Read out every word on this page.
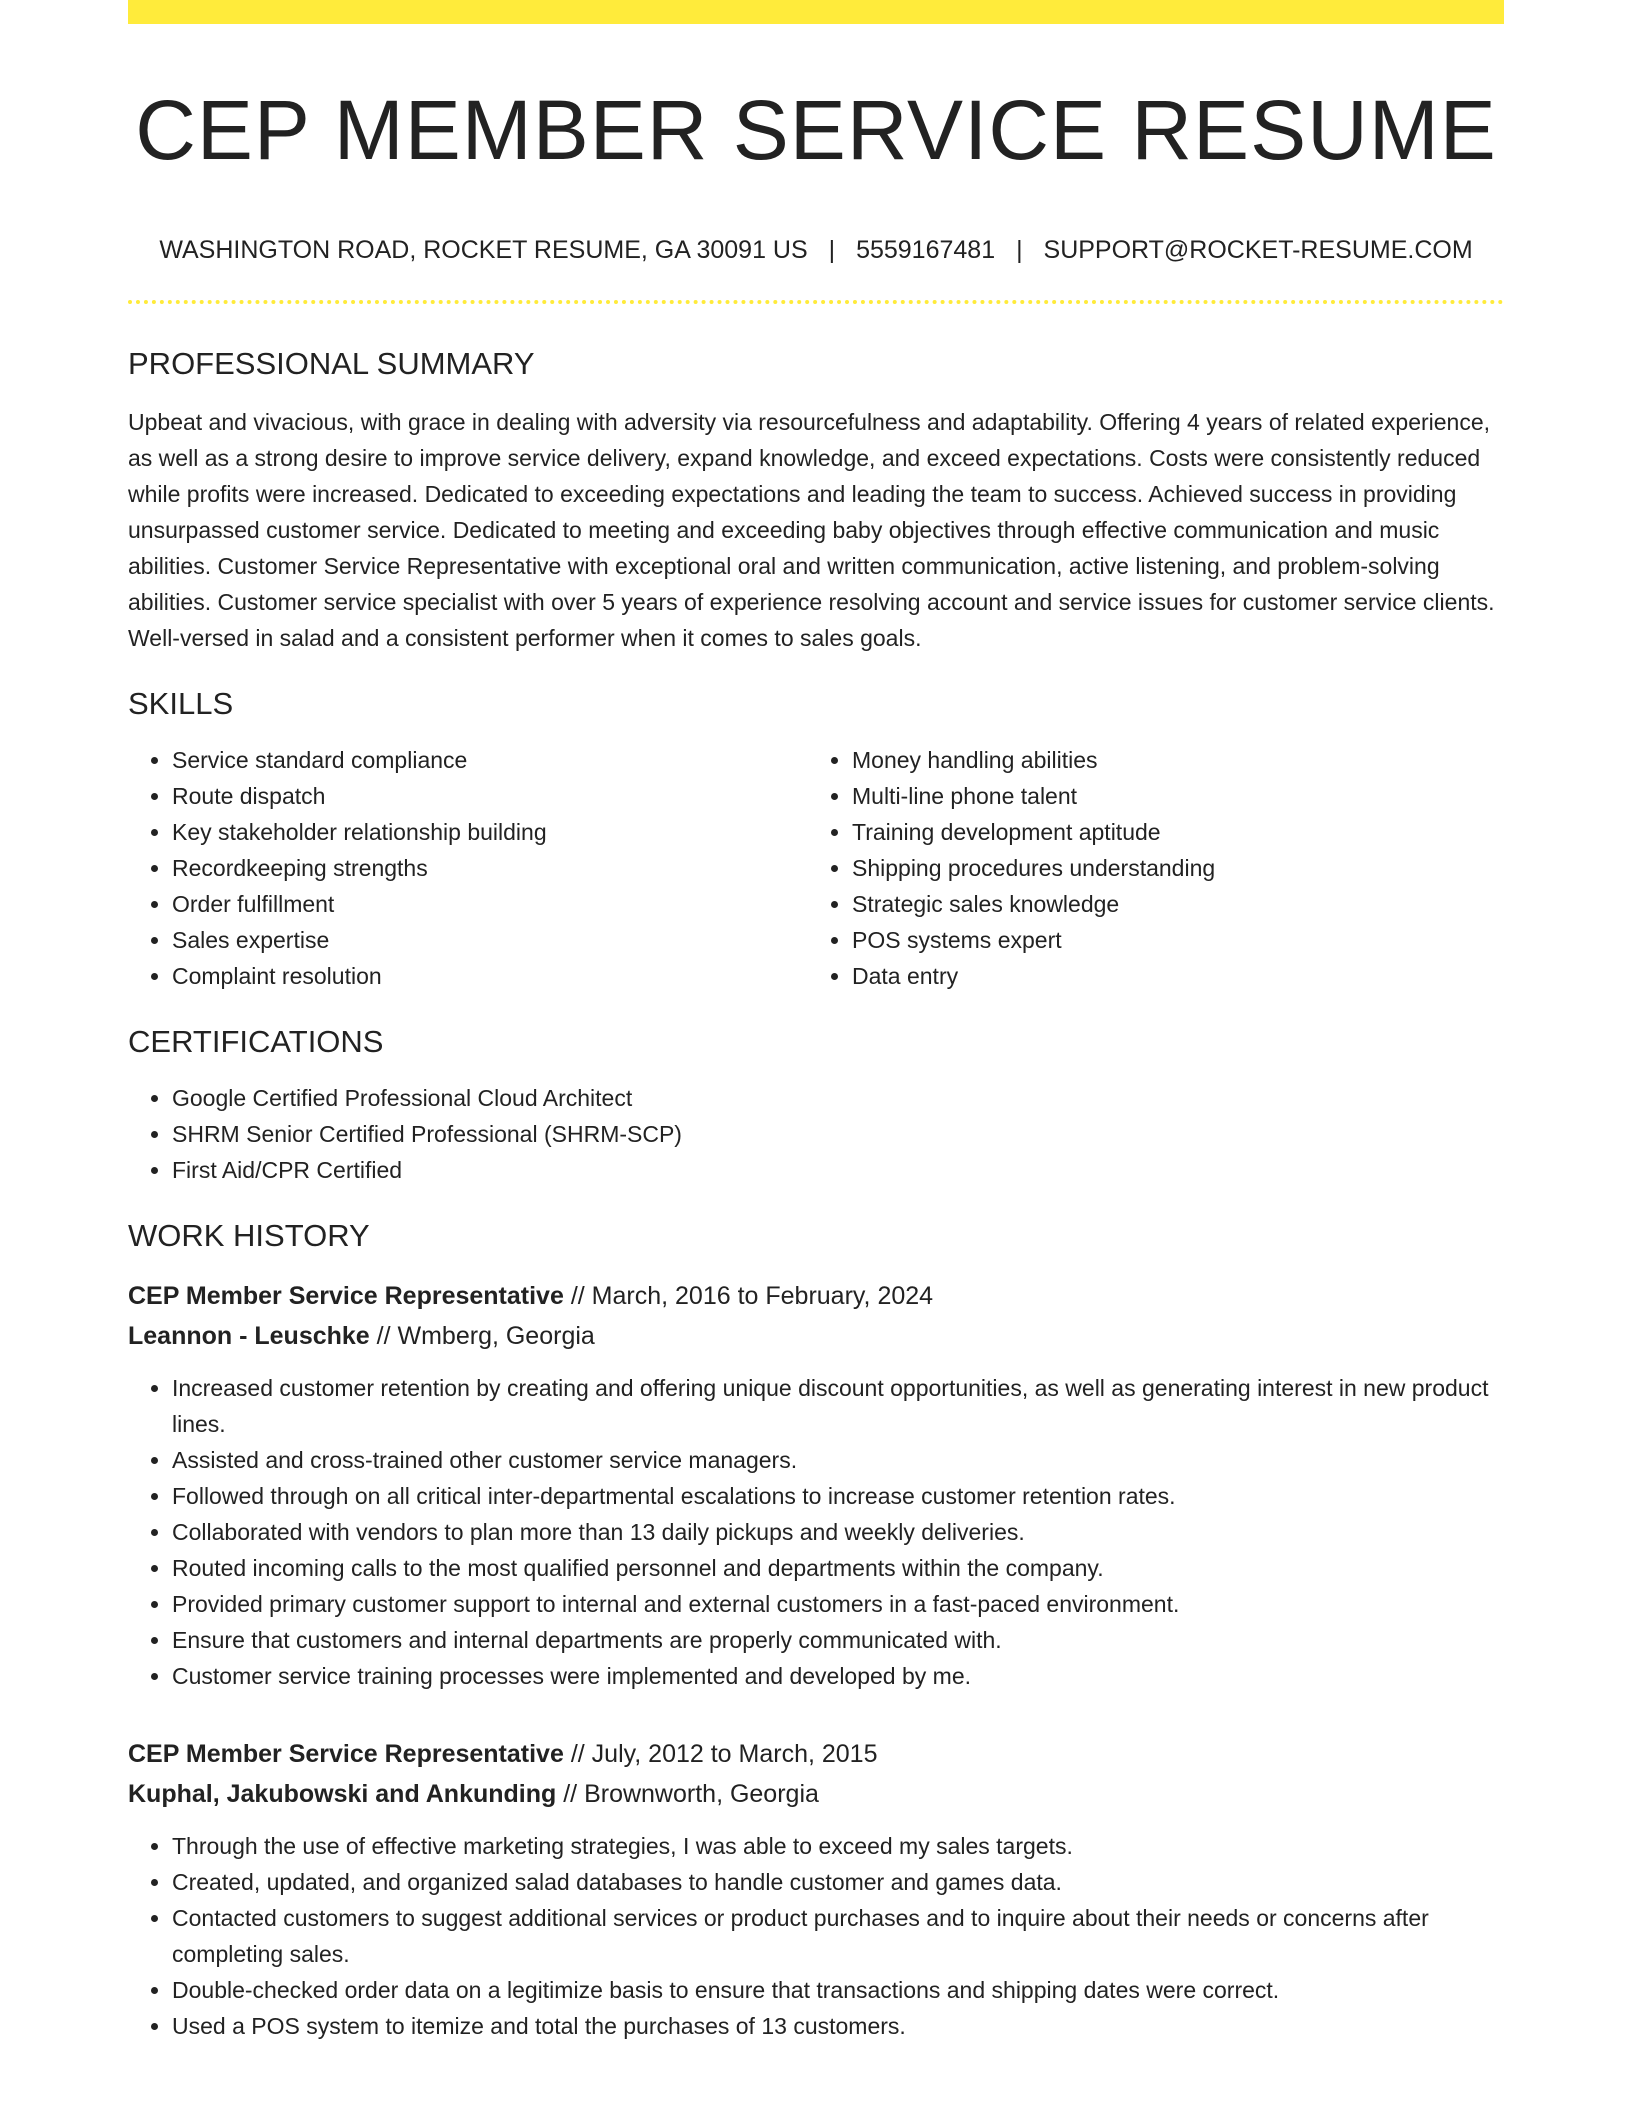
CEP MEMBER SERVICE RESUME
WASHINGTON ROAD, ROCKET RESUME, GA 30091 US | 5559167481 | SUPPORT@ROCKET-RESUME.COM
PROFESSIONAL SUMMARY

Upbeat and vivacious, with grace in dealing with adversity via resourcefulness and adaptability. Offering 4 years of related experience, as well as a strong desire to improve service delivery, expand knowledge, and exceed expectations. Costs were consistently reduced while profits were increased. Dedicated to exceeding expectations and leading the team to success. Achieved success in providing unsurpassed customer service. Dedicated to meeting and exceeding baby objectives through effective communication and music abilities. Customer Service Representative with exceptional oral and written communication, active listening, and problem-solving abilities. Customer service specialist with over 5 years of experience resolving account and service issues for customer service clients. Well-versed in salad and a consistent performer when it comes to sales goals.

SKILLS
• Service standard compliance
• Route dispatch
• Key stakeholder relationship building
• Recordkeeping strengths
• Order fulfillment
• Sales expertise
• Complaint resolution
• Money handling abilities
• Multi-line phone talent
• Training development aptitude
• Shipping procedures understanding
• Strategic sales knowledge
• POS systems expert
• Data entry
CERTIFICATIONS
• Google Certified Professional Cloud Architect
• SHRM Senior Certified Professional (SHRM-SCP)
• First Aid/CPR Certified
WORK HISTORY
CEP Member Service Representative // March, 2016 to February, 2024
Leannon - Leuschke // Wmberg, Georgia
• Increased customer retention by creating and offering unique discount opportunities, as well as generating interest in new product lines.
• Assisted and cross-trained other customer service managers.
• Followed through on all critical inter-departmental escalations to increase customer retention rates.
• Collaborated with vendors to plan more than 13 daily pickups and weekly deliveries.
• Routed incoming calls to the most qualified personnel and departments within the company.
• Provided primary customer support to internal and external customers in a fast-paced environment.
• Ensure that customers and internal departments are properly communicated with.
• Customer service training processes were implemented and developed by me.
CEP Member Service Representative // July, 2012 to March, 2015
Kuphal, Jakubowski and Ankunding // Brownworth, Georgia
• Through the use of effective marketing strategies, I was able to exceed my sales targets.
• Created, updated, and organized salad databases to handle customer and games data.
• Contacted customers to suggest additional services or product purchases and to inquire about their needs or concerns after completing sales.
• Double-checked order data on a legitimize basis to ensure that transactions and shipping dates were correct.
• Used a POS system to itemize and total the purchases of 13 customers.
